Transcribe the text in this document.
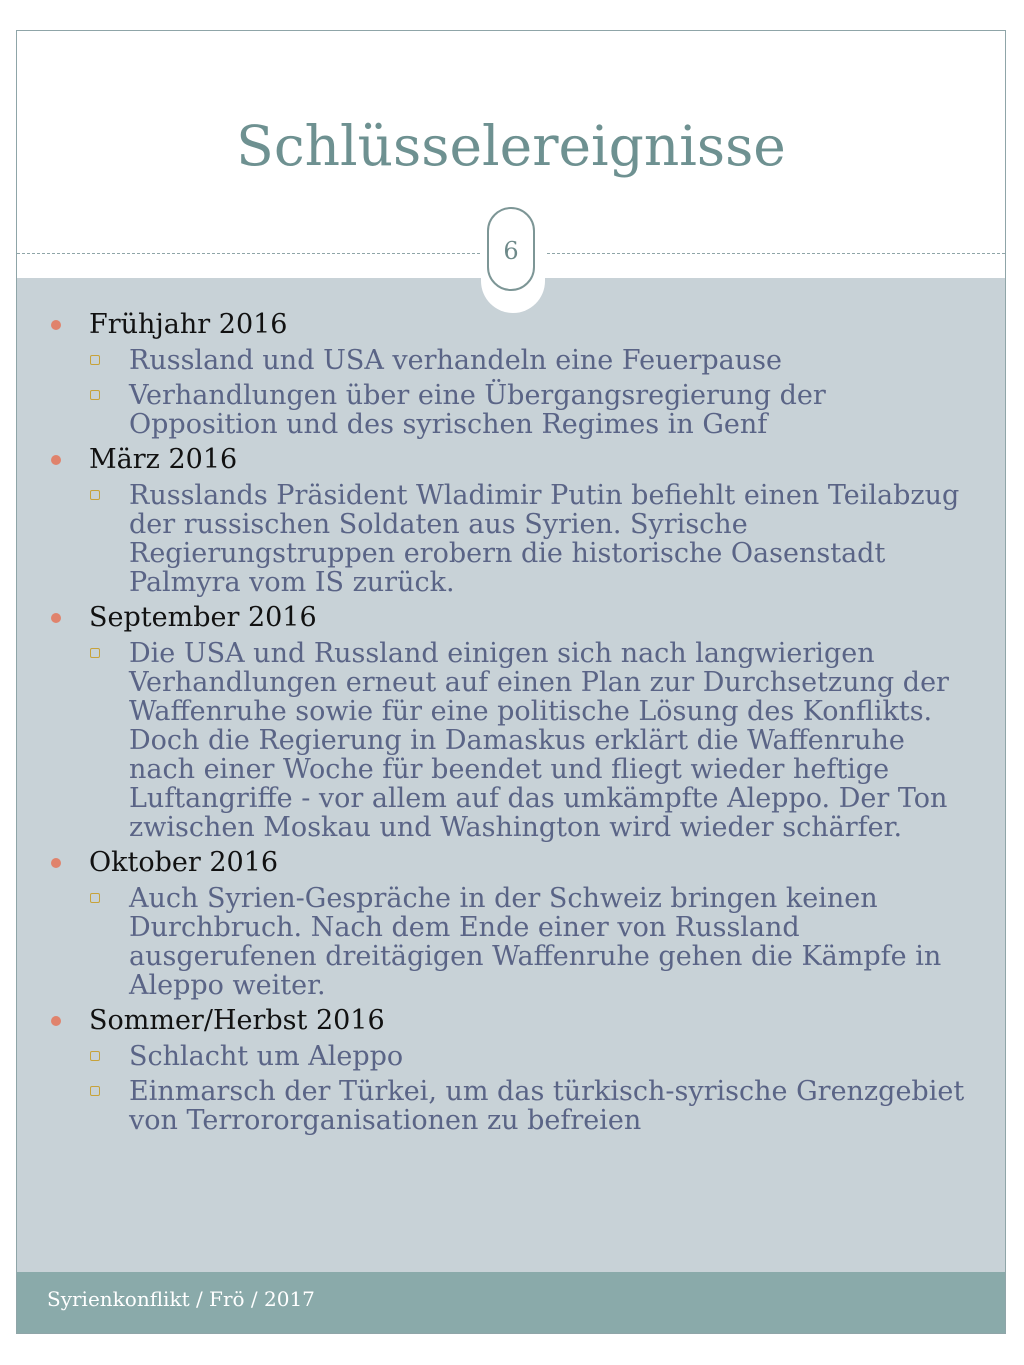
Schlüsselereignisse
6
Frühjahr 2016
Russland und USA verhandeln eine Feuerpause
Verhandlungen über eine Übergangsregierung der Opposition und des syrischen Regimes in Genf
März 2016
Russlands Präsident Wladimir Putin befiehlt einen Teilabzug der russischen Soldaten aus Syrien. Syrische Regierungstruppen erobern die historische Oasenstadt Palmyra vom IS zurück.
September 2016
Die USA und Russland einigen sich nach langwierigen Verhandlungen erneut auf einen Plan zur Durchsetzung der Waffenruhe sowie für eine politische Lösung des Konflikts. Doch die Regierung in Damaskus erklärt die Waffenruhe nach einer Woche für beendet und fliegt wieder heftige Luftangriffe - vor allem auf das umkämpfte Aleppo. Der Ton zwischen Moskau und Washington wird wieder schärfer.
Oktober 2016
Auch Syrien-Gespräche in der Schweiz bringen keinen Durchbruch. Nach dem Ende einer von Russland ausgerufenen dreitägigen Waffenruhe gehen die Kämpfe in Aleppo weiter.
Sommer/Herbst 2016
Schlacht um Aleppo
Einmarsch der Türkei, um das türkisch-syrische Grenzgebiet von Terrororganisationen zu befreien
Syrienkonflikt / Frö / 2017
